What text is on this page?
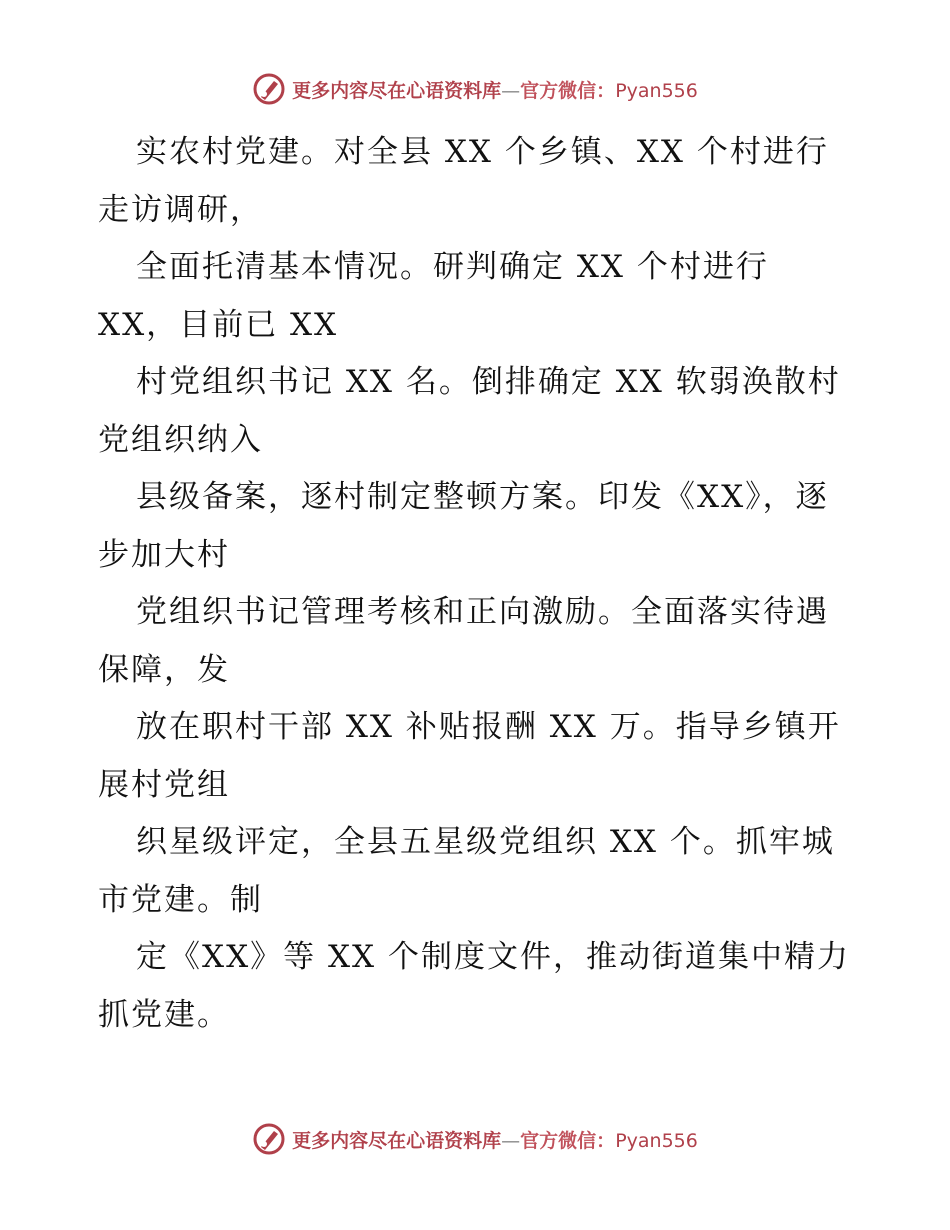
更多内容尽在心语资料库—官方微信：Pyan556
实农村党建。对全县 XX 个乡镇、XX 个村进行
走访调研，
全面托清基本情况。研判确定 XX 个村进行
XX，目前已 XX
村党组织书记 XX 名。倒排确定 XX 软弱涣散村
党组织纳入
县级备案，逐村制定整顿方案。印发《XX》，逐
步加大村
党组织书记管理考核和正向激励。全面落实待遇
保障，发
放在职村干部 XX 补贴报酬 XX 万。指导乡镇开
展村党组
织星级评定，全县五星级党组织 XX 个。抓牢城
市党建。制
定《XX》等 XX 个制度文件，推动街道集中精力
抓党建。
更多内容尽在心语资料库—官方微信：Pyan556
